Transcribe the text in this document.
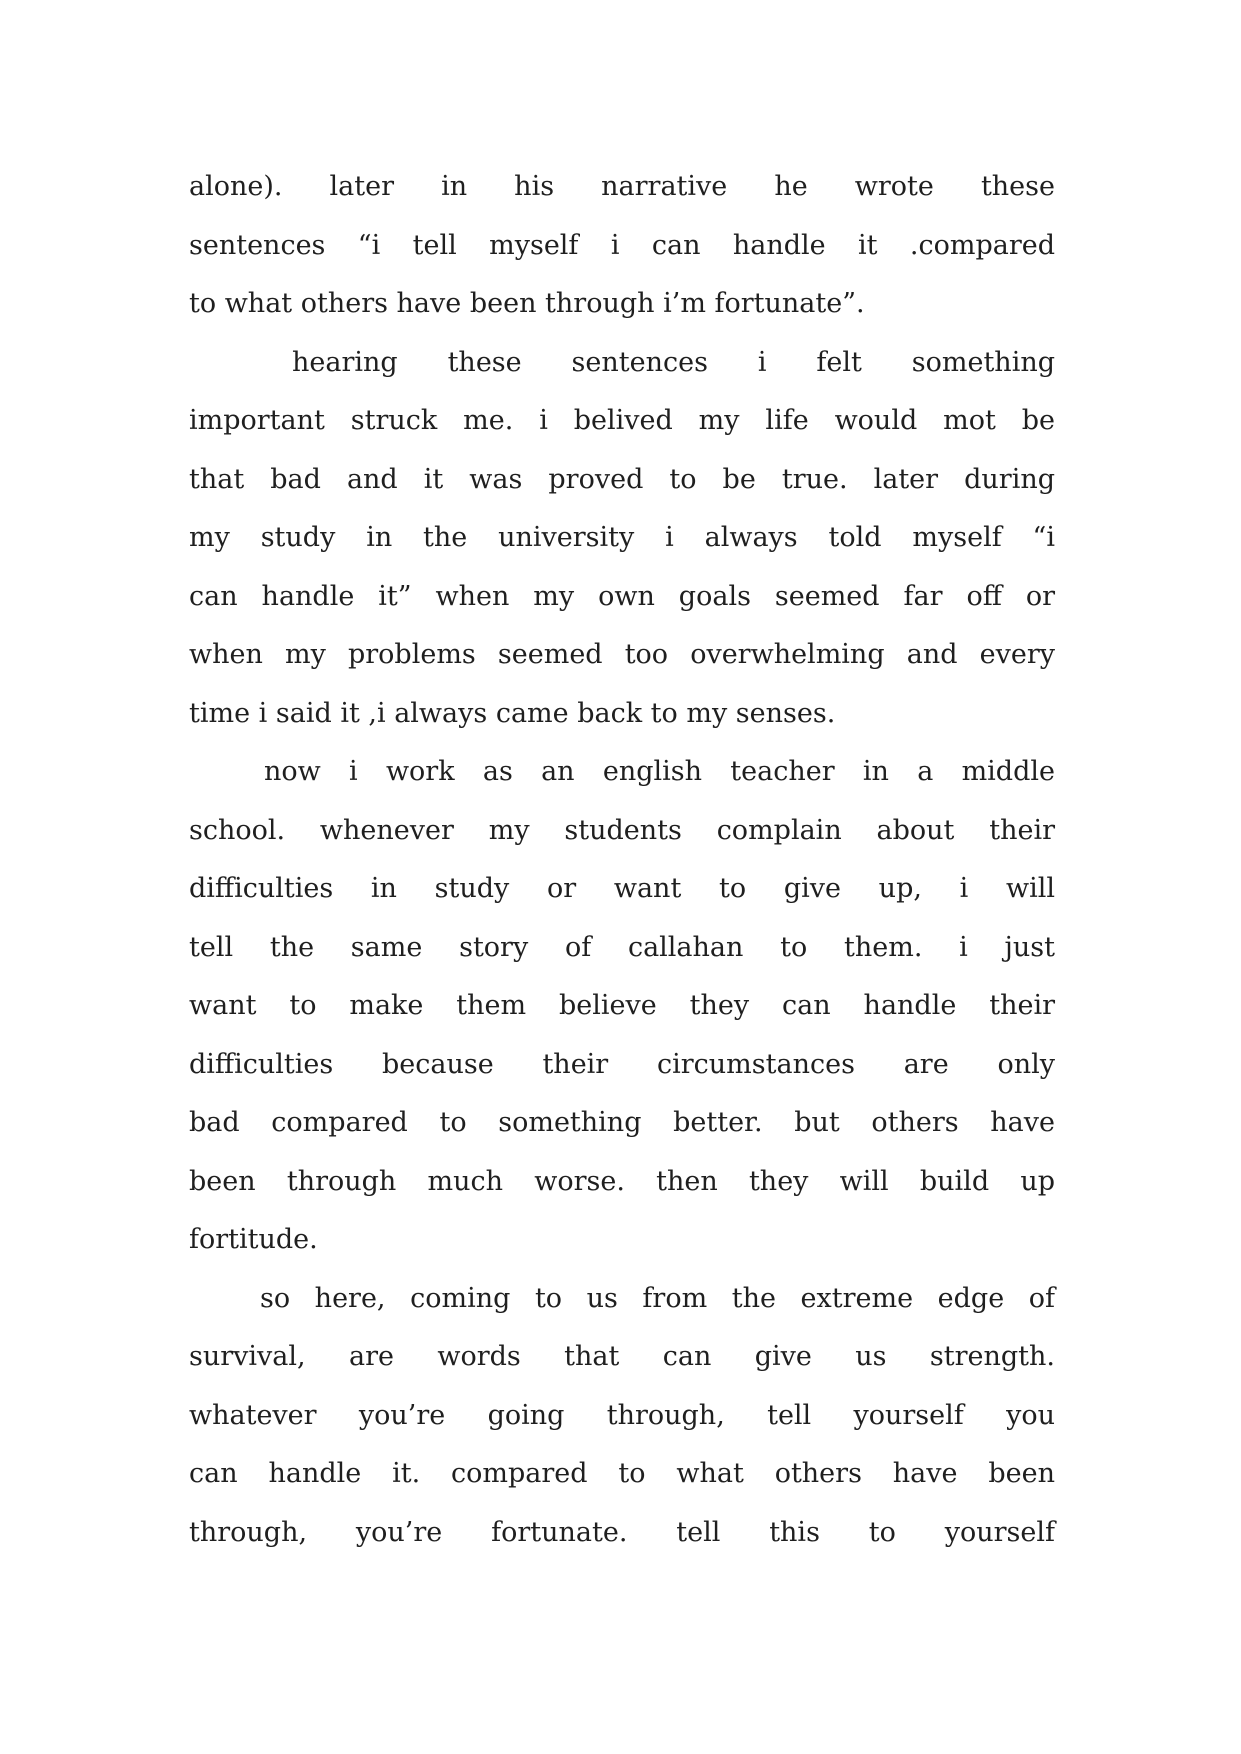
alone). later in his narrative he wrote these
sentences “i tell myself i can handle it .compared
to what others have been through i’m fortunate”.
hearing these sentences i felt something
important struck me. i belived my life would mot be
that bad and it was proved to be true. later during
my study in the university i always told myself “i
can handle it” when my own goals seemed far off or
when my problems seemed too overwhelming and every
time i said it ,i always came back to my senses.
now i work as an english teacher in a middle
school. whenever my students complain about their
difficulties in study or want to give up, i will
tell the same story of callahan to them. i just
want to make them believe they can handle their
difficulties because their circumstances are only
bad compared to something better. but others have
been through much worse. then they will build up
fortitude.
so here, coming to us from the extreme edge of
survival, are words that can give us strength.
whatever you’re going through, tell yourself you
can handle it. compared to what others have been
through, you’re fortunate. tell this to yourself
